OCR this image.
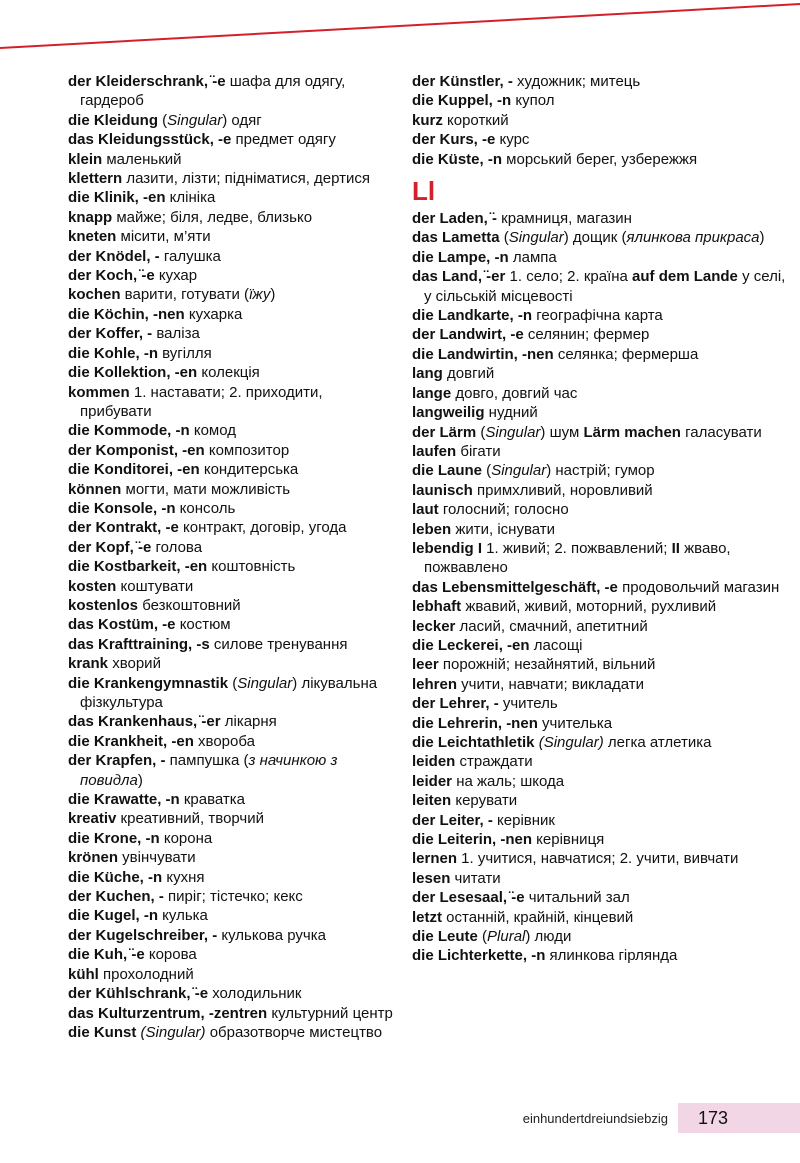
der Kleiderschrank, ̈-e шафа для одягу, гардероб

die Kleidung (Singular) одяг

das Kleidungsstück, -e предмет одягу

klein маленький

klettern лазити, лізти; підніматися, дертися

die Klinik, -en клініка

knapp майже; біля, ледве, близько

kneten місити, м’яти

der Knödel, - галушка

der Koch, ̈-e кухар

kochen варити, готувати (їжу)

die Köchin, -nen кухарка

der Koffer, - валіза

die Kohle, -n вугілля

die Kollektion, -en колекція

kommen 1. наставати; 2. приходити, прибувати

die Kommode, -n комод

der Komponist, -en композитор

die Konditorei, -en кондитерська

können могти, мати можливість

die Konsole, -n консоль

der Kontrakt, -e контракт, договір, угода

der Kopf, ̈-e голова

die Kostbarkeit, -en коштовність

kosten коштувати

kostenlos безкоштовний

das Kostüm, -e костюм

das Krafttraining, -s силове тренування

krank хворий

die Krankengymnastik (Singular) лікувальна фізкультура

das Krankenhaus, ̈-er лікарня

die Krankheit, -en хвороба

der Krapfen, - пампушка (з начинкою з повидла)

die Krawatte, -n краватка

kreativ креативний, творчий

die Krone, -n корона

krönen увінчувати

die Küche, -n кухня

der Kuchen, - пиріг; тістечко; кекс

die Kugel, -n кулька

der Kugelschreiber, - кулькова ручка

die Kuh, ̈-e корова

kühl прохолодний

der Kühlschrank, ̈-e холодильник

das Kulturzentrum, -zentren культурний центр

die Kunst (Singular) образотворче мистецтво

der Künstler, - художник; митець

die Kuppel, -n купол

kurz короткий

der Kurs, -e курс

die Küste, -n морський берег, узбережжя

Ll

der Laden, ̈- крамниця, магазин

das Lametta (Singular) дощик (ялинкова прикраса)

die Lampe, -n лампа

das Land, ̈-er 1. село; 2. країна auf dem Lande у селі, у сільській місцевості

die Landkarte, -n географічна карта

der Landwirt, -e селянин; фермер

die Landwirtin, -nen селянка; фермерша

lang довгий

lange довго, довгий час

langweilig нудний

der Lärm (Singular) шум Lärm machen галасувати

laufen бігати

die Laune (Singular) настрій; гумор

launisch примхливий, норовливий

laut голосний; голосно

leben жити, існувати

lebendig I 1. живий; 2. пожвавлений; II жваво, пожвавлено

das Lebensmittelgeschäft, -e продовольчий магазин

lebhaft жвавий, живий, моторний, рухливий

lecker ласий, смачний, апетитний

die Leckerei, -en ласощі

leer порожній; незайнятий, вільний

lehren учити, навчати; викладати

der Lehrer, - учитель

die Lehrerin, -nen учителька

die Leichtathletik (Singular) легка атлетика

leiden страждати

leider на жаль; шкода

leiten керувати

der Leiter, - керівник

die Leiterin, -nen керівниця

lernen 1. учитися, навчатися; 2. учити, вивчати

lesen читати

der Lesesaal, ̈-e читальний зал

letzt останній, крайній, кінцевий

die Leute (Plural) люди

die Lichterkette, -n ялинкова гірлянда

einhundertdreiundsiebzig 173
